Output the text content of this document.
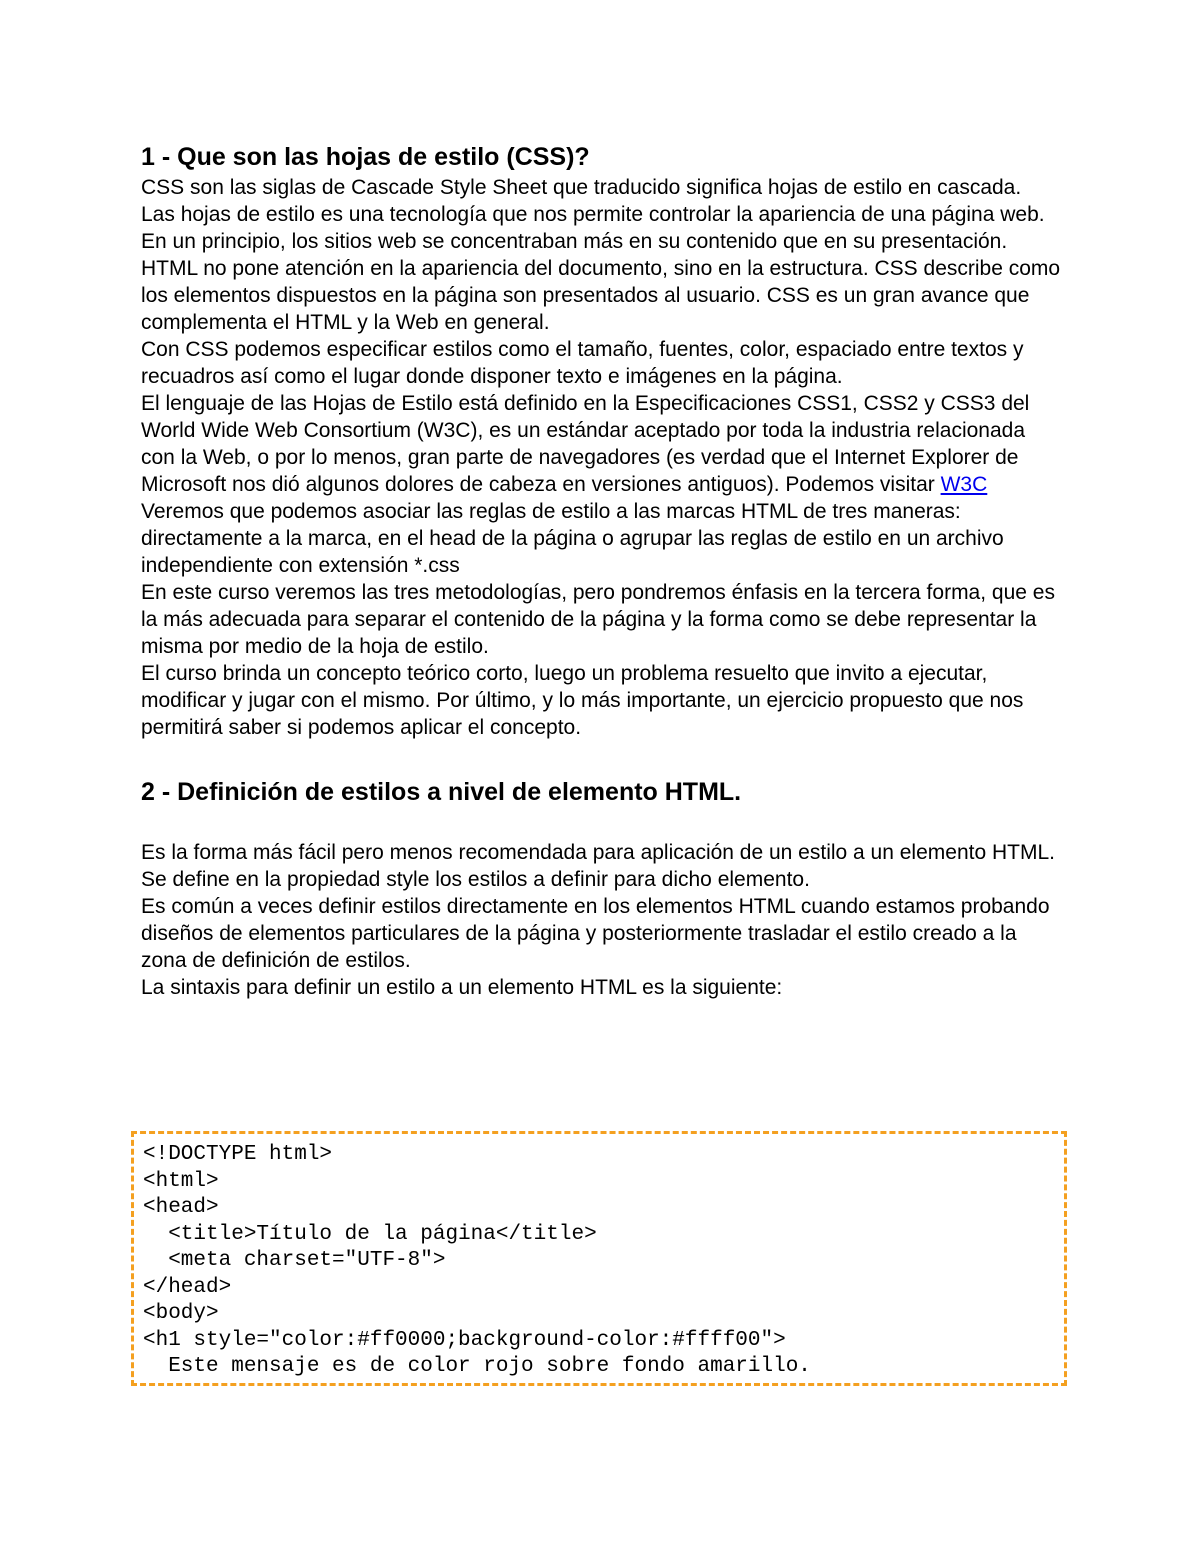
1 - Que son las hojas de estilo (CSS)?

CSS son las siglas de Cascade Style Sheet que traducido significa hojas de estilo en cascada.

Las hojas de estilo es una tecnología que nos permite controlar la apariencia de una página web. En un principio, los sitios web se concentraban más en su contenido que en su presentación.

HTML no pone atención en la apariencia del documento, sino en la estructura. CSS describe como los elementos dispuestos en la página son presentados al usuario. CSS es un gran avance que complementa el HTML y la Web en general.

Con CSS podemos especificar estilos como el tamaño, fuentes, color, espaciado entre textos y recuadros así como el lugar donde disponer texto e imágenes en la página.

El lenguaje de las Hojas de Estilo está definido en la Especificaciones CSS1, CSS2 y CSS3 del World Wide Web Consortium (W3C), es un estándar aceptado por toda la industria relacionada con la Web, o por lo menos, gran parte de navegadores (es verdad que el Internet Explorer de Microsoft nos dió algunos dolores de cabeza en versiones antiguos). Podemos visitar W3C

Veremos que podemos asociar las reglas de estilo a las marcas HTML de tres maneras: directamente a la marca, en el head de la página o agrupar las reglas de estilo en un archivo independiente con extensión *.css

En este curso veremos las tres metodologías, pero pondremos énfasis en la tercera forma, que es la más adecuada para separar el contenido de la página y la forma como se debe representar la misma por medio de la hoja de estilo.

El curso brinda un concepto teórico corto, luego un problema resuelto que invito a ejecutar, modificar y jugar con el mismo. Por último, y lo más importante, un ejercicio propuesto que nos permitirá saber si podemos aplicar el concepto.

2 - Definición de estilos a nivel de elemento HTML.

Es la forma más fácil pero menos recomendada para aplicación de un estilo a un elemento HTML. Se define en la propiedad style los estilos a definir para dicho elemento.

Es común a veces definir estilos directamente en los elementos HTML cuando estamos probando diseños de elementos particulares de la página y posteriormente trasladar el estilo creado a la zona de definición de estilos.

La sintaxis para definir un estilo a un elemento HTML es la siguiente:

<!DOCTYPE html>
<html>
<head>
<title>Título de la página</title>
<meta charset="UTF-8">
</head>
<body>
<h1 style="color:#ff0000;background-color:#ffff00">
Este mensaje es de color rojo sobre fondo amarillo.
